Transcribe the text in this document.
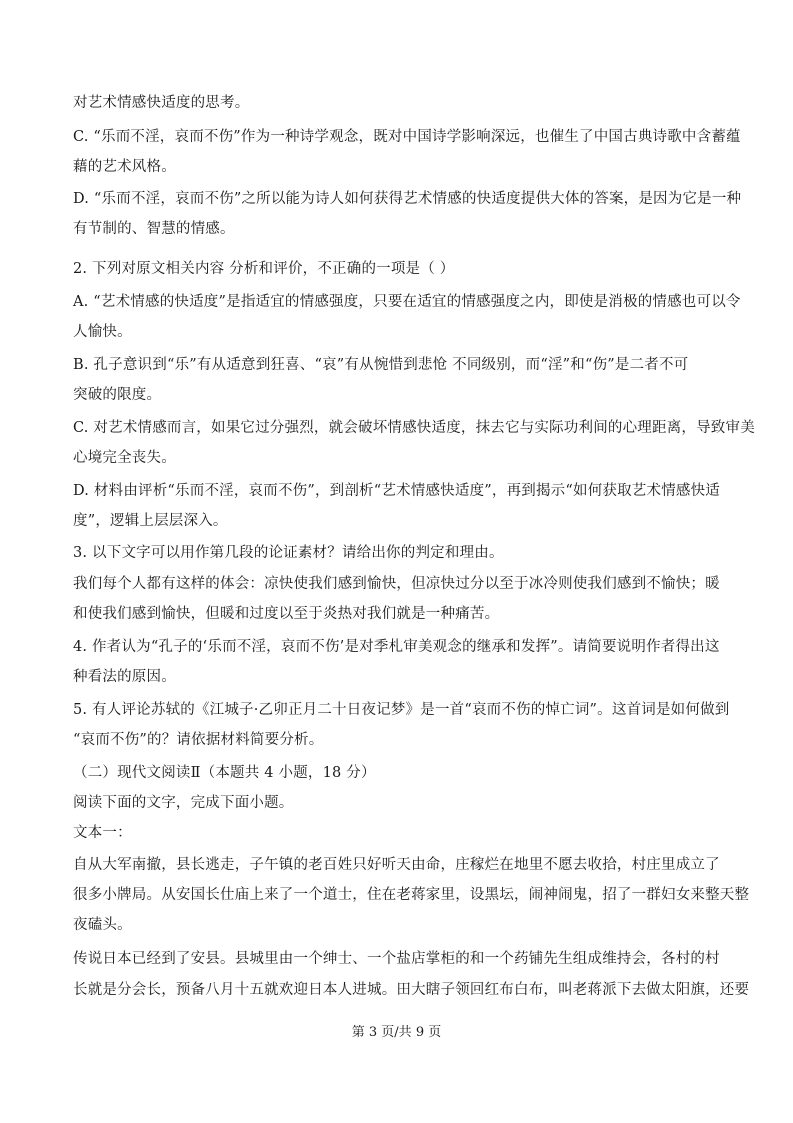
对艺术情感快适度的思考。
C. “乐而不淫，哀而不伤”作为一种诗学观念，既对中国诗学影响深远，也催生了中国古典诗歌中含蓄蕴
藉的艺术风格。
D. “乐而不淫，哀而不伤”之所以能为诗人如何获得艺术情感的快适度提供大体的答案，是因为它是一种
有节制的、智慧的情感。
2. 下列对原文相关内容 分析和评价，不正确的一项是（ ）
A. “艺术情感的快适度”是指适宜的情感强度，只要在适宜的情感强度之内，即使是消极的情感也可以令
人愉快。
B. 孔子意识到“乐”有从适意到狂喜、“哀”有从惋惜到悲怆 不同级别，而“淫”和“伤”是二者不可
突破的限度。
C. 对艺术情感而言，如果它过分强烈，就会破坏情感快适度，抹去它与实际功利间的心理距离，导致审美
心境完全丧失。
D. 材料由评析“乐而不淫，哀而不伤”，到剖析“艺术情感快适度”，再到揭示“如何获取艺术情感快适
度”，逻辑上层层深入。
3. 以下文字可以用作第几段的论证素材？请给出你的判定和理由。
我们每个人都有这样的体会：凉快使我们感到愉快，但凉快过分以至于冰冷则使我们感到不愉快；暖
和使我们感到愉快，但暖和过度以至于炎热对我们就是一种痛苦。
4. 作者认为“孔子的‘乐而不淫，哀而不伤’是对季札审美观念的继承和发挥”。请简要说明作者得出这
种看法的原因。
5. 有人评论苏轼的《江城子·乙卯正月二十日夜记梦》是一首“哀而不伤的悼亡词”。这首词是如何做到
“哀而不伤”的？请依据材料简要分析。
（二）现代文阅读Ⅱ（本题共 4 小题，18 分）
阅读下面的文字，完成下面小题。
文本一：
自从大军南撤，县长逃走，子午镇的老百姓只好听天由命，庄稼烂在地里不愿去收拾，村庄里成立了
很多小牌局。从安国长仕庙上来了一个道士，住在老蒋家里，设黑坛，闹神闹鬼，招了一群妇女来整天整
夜磕头。
传说日本已经到了安县。县城里由一个绅士、一个盐店掌柜的和一个药铺先生组成维持会，各村的村
长就是分会长，预备八月十五就欢迎日本人进城。田大瞎子领回红布白布，叫老蒋派下去做太阳旗，还要
第 3 页/共 9 页
